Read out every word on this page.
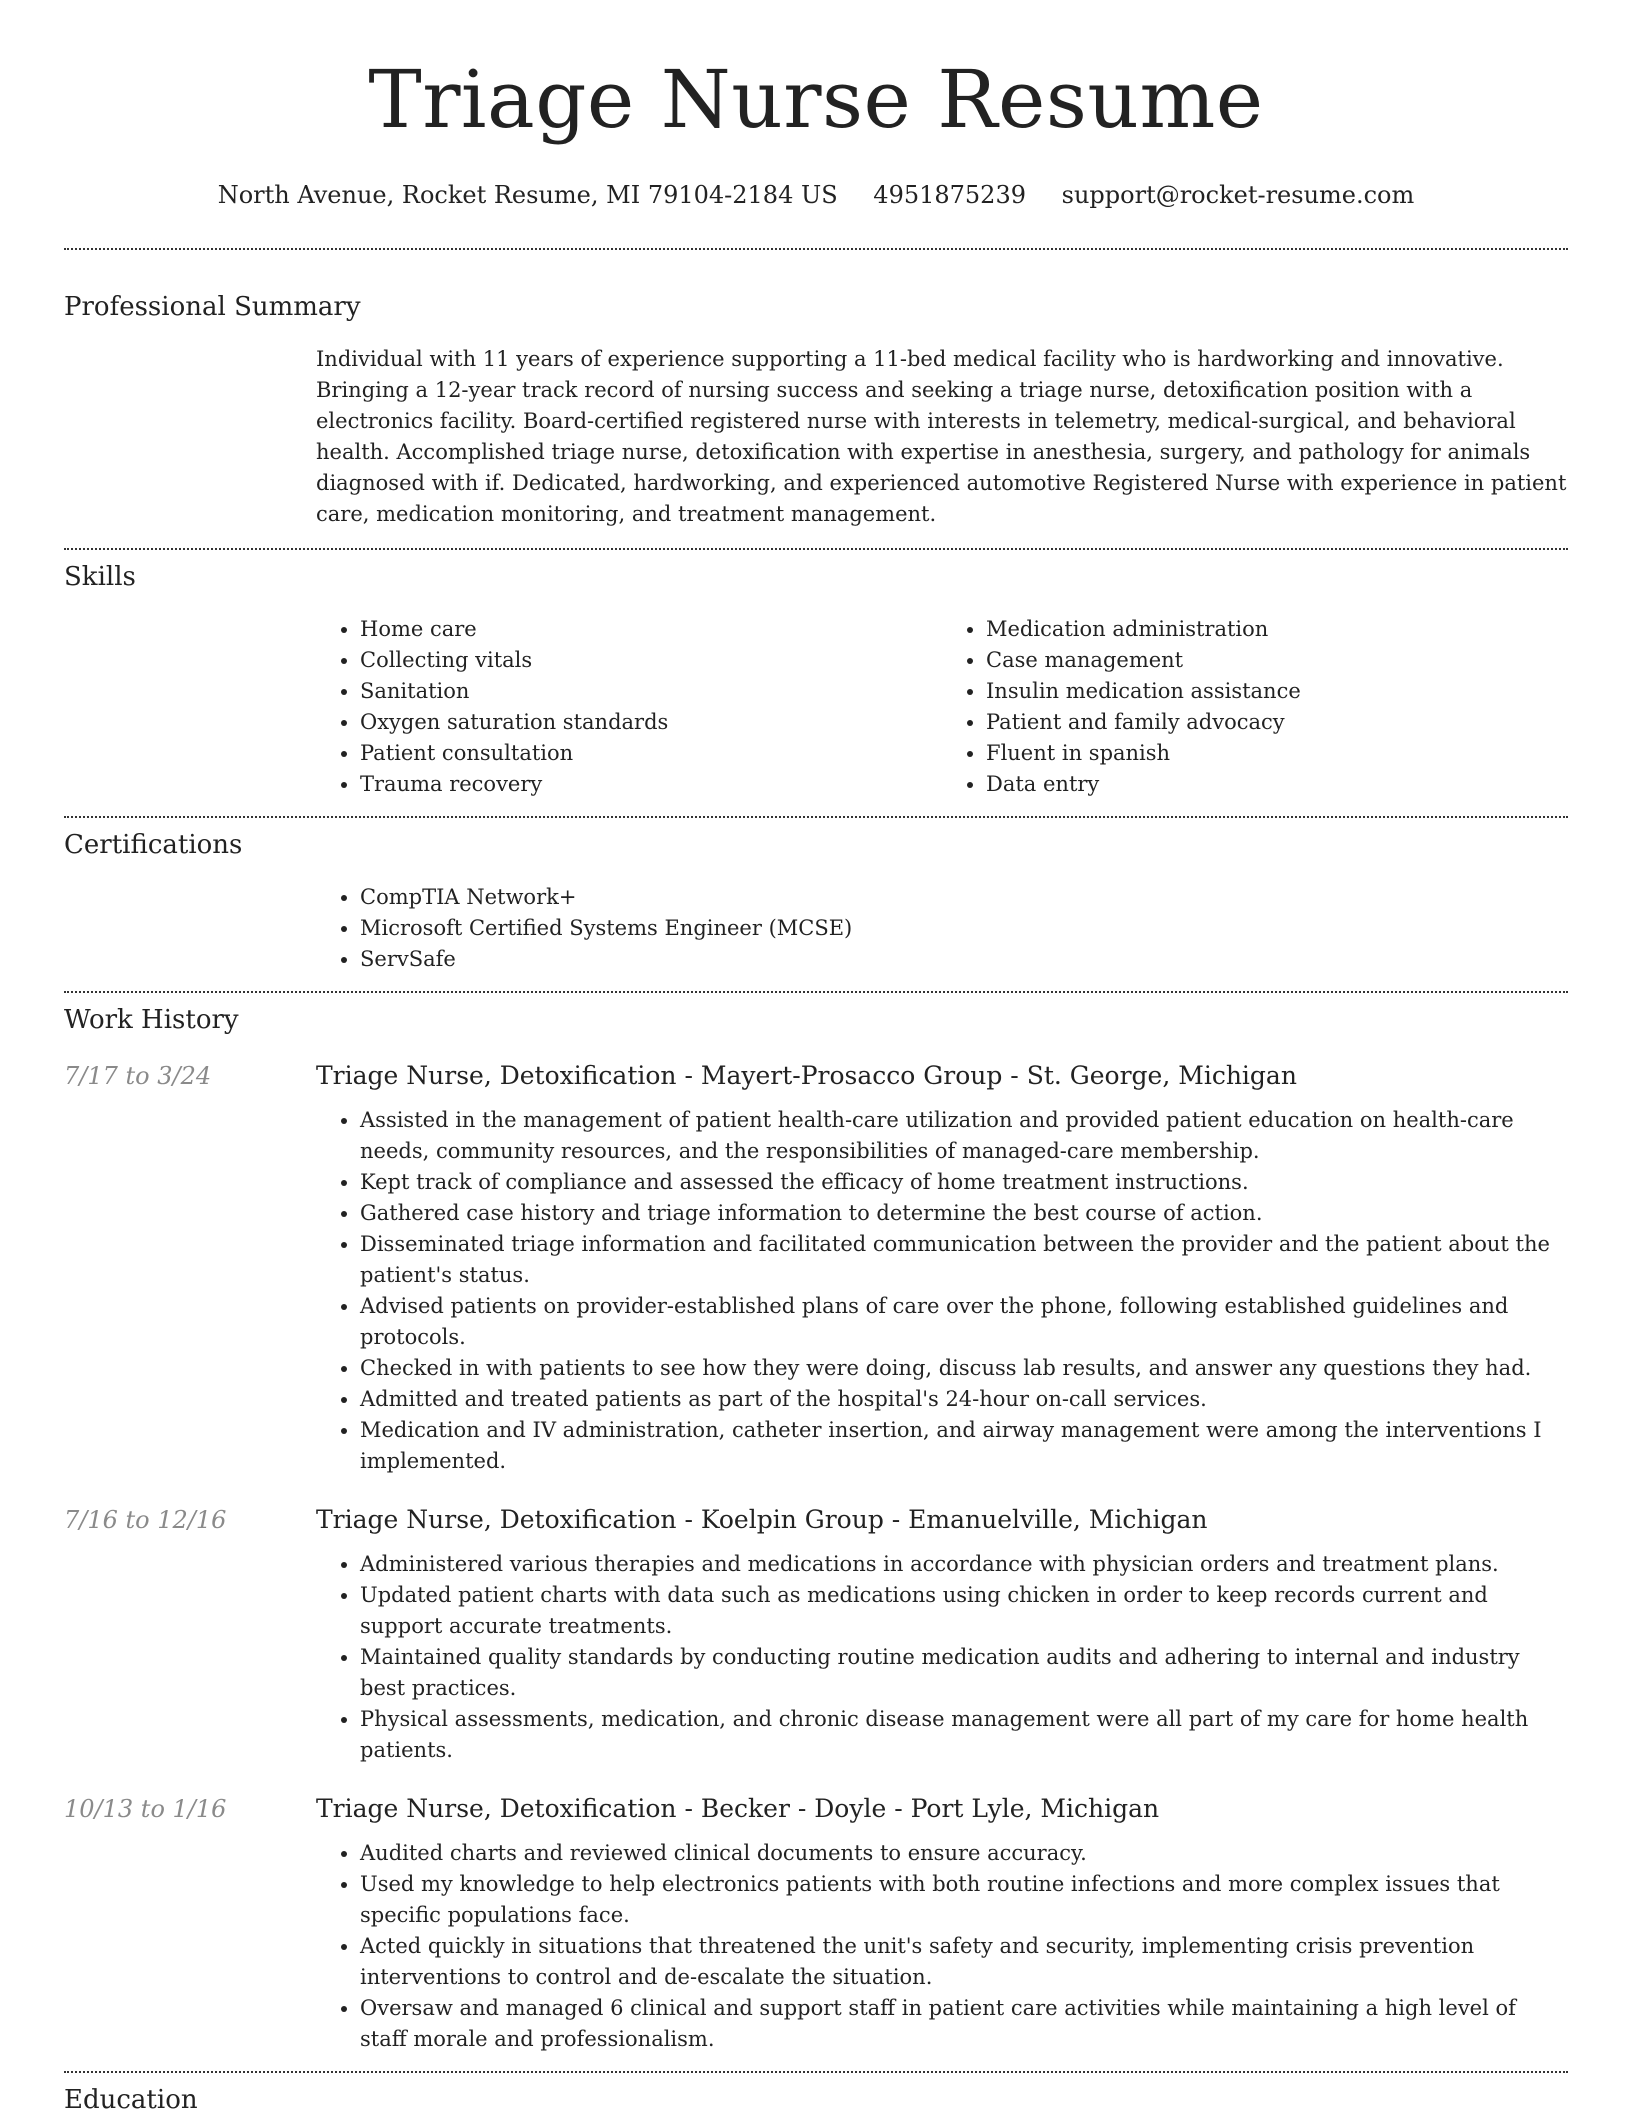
Triage Nurse Resume
North Avenue, Rocket Resume, MI 79104-2184 US 4951875239 support@rocket-resume.com
Professional Summary

Individual with 11 years of experience supporting a 11-bed medical facility who is hardworking and innovative. Bringing a 12-year track record of nursing success and seeking a triage nurse, detoxification position with a electronics facility. Board-certified registered nurse with interests in telemetry, medical-surgical, and behavioral health. Accomplished triage nurse, detoxification with expertise in anesthesia, surgery, and pathology for animals diagnosed with if. Dedicated, hardworking, and experienced automotive Registered Nurse with experience in patient care, medication monitoring, and treatment management.

Skills
• Home care
• Collecting vitals
• Sanitation
• Oxygen saturation standards
• Patient consultation
• Trauma recovery
• Medication administration
• Case management
• Insulin medication assistance
• Patient and family advocacy
• Fluent in spanish
• Data entry
Certifications
• CompTIA Network+
• Microsoft Certified Systems Engineer (MCSE)
• ServSafe
Work History
7/17 to 3/24	Triage Nurse, Detoxification - Mayert-Prosacco Group - St. George, Michigan
• Assisted in the management of patient health-care utilization and provided patient education on health-care needs, community resources, and the responsibilities of managed-care membership.
• Kept track of compliance and assessed the efficacy of home treatment instructions.
• Gathered case history and triage information to determine the best course of action.
• Disseminated triage information and facilitated communication between the provider and the patient about the patient's status.
• Advised patients on provider-established plans of care over the phone, following established guidelines and protocols.
• Checked in with patients to see how they were doing, discuss lab results, and answer any questions they had.
• Admitted and treated patients as part of the hospital's 24-hour on-call services.
• Medication and IV administration, catheter insertion, and airway management were among the interventions I implemented.
7/16 to 12/16	Triage Nurse, Detoxification - Koelpin Group - Emanuelville, Michigan
• Administered various therapies and medications in accordance with physician orders and treatment plans.
• Updated patient charts with data such as medications using chicken in order to keep records current and support accurate treatments.
• Maintained quality standards by conducting routine medication audits and adhering to internal and industry best practices.
• Physical assessments, medication, and chronic disease management were all part of my care for home health patients.
10/13 to 1/16	Triage Nurse, Detoxification - Becker - Doyle - Port Lyle, Michigan
• Audited charts and reviewed clinical documents to ensure accuracy.
• Used my knowledge to help electronics patients with both routine infections and more complex issues that specific populations face.
• Acted quickly in situations that threatened the unit's safety and security, implementing crisis prevention interventions to control and de-escalate the situation.
• Oversaw and managed 6 clinical and support staff in patient care activities while maintaining a high level of staff morale and professionalism.
Education
